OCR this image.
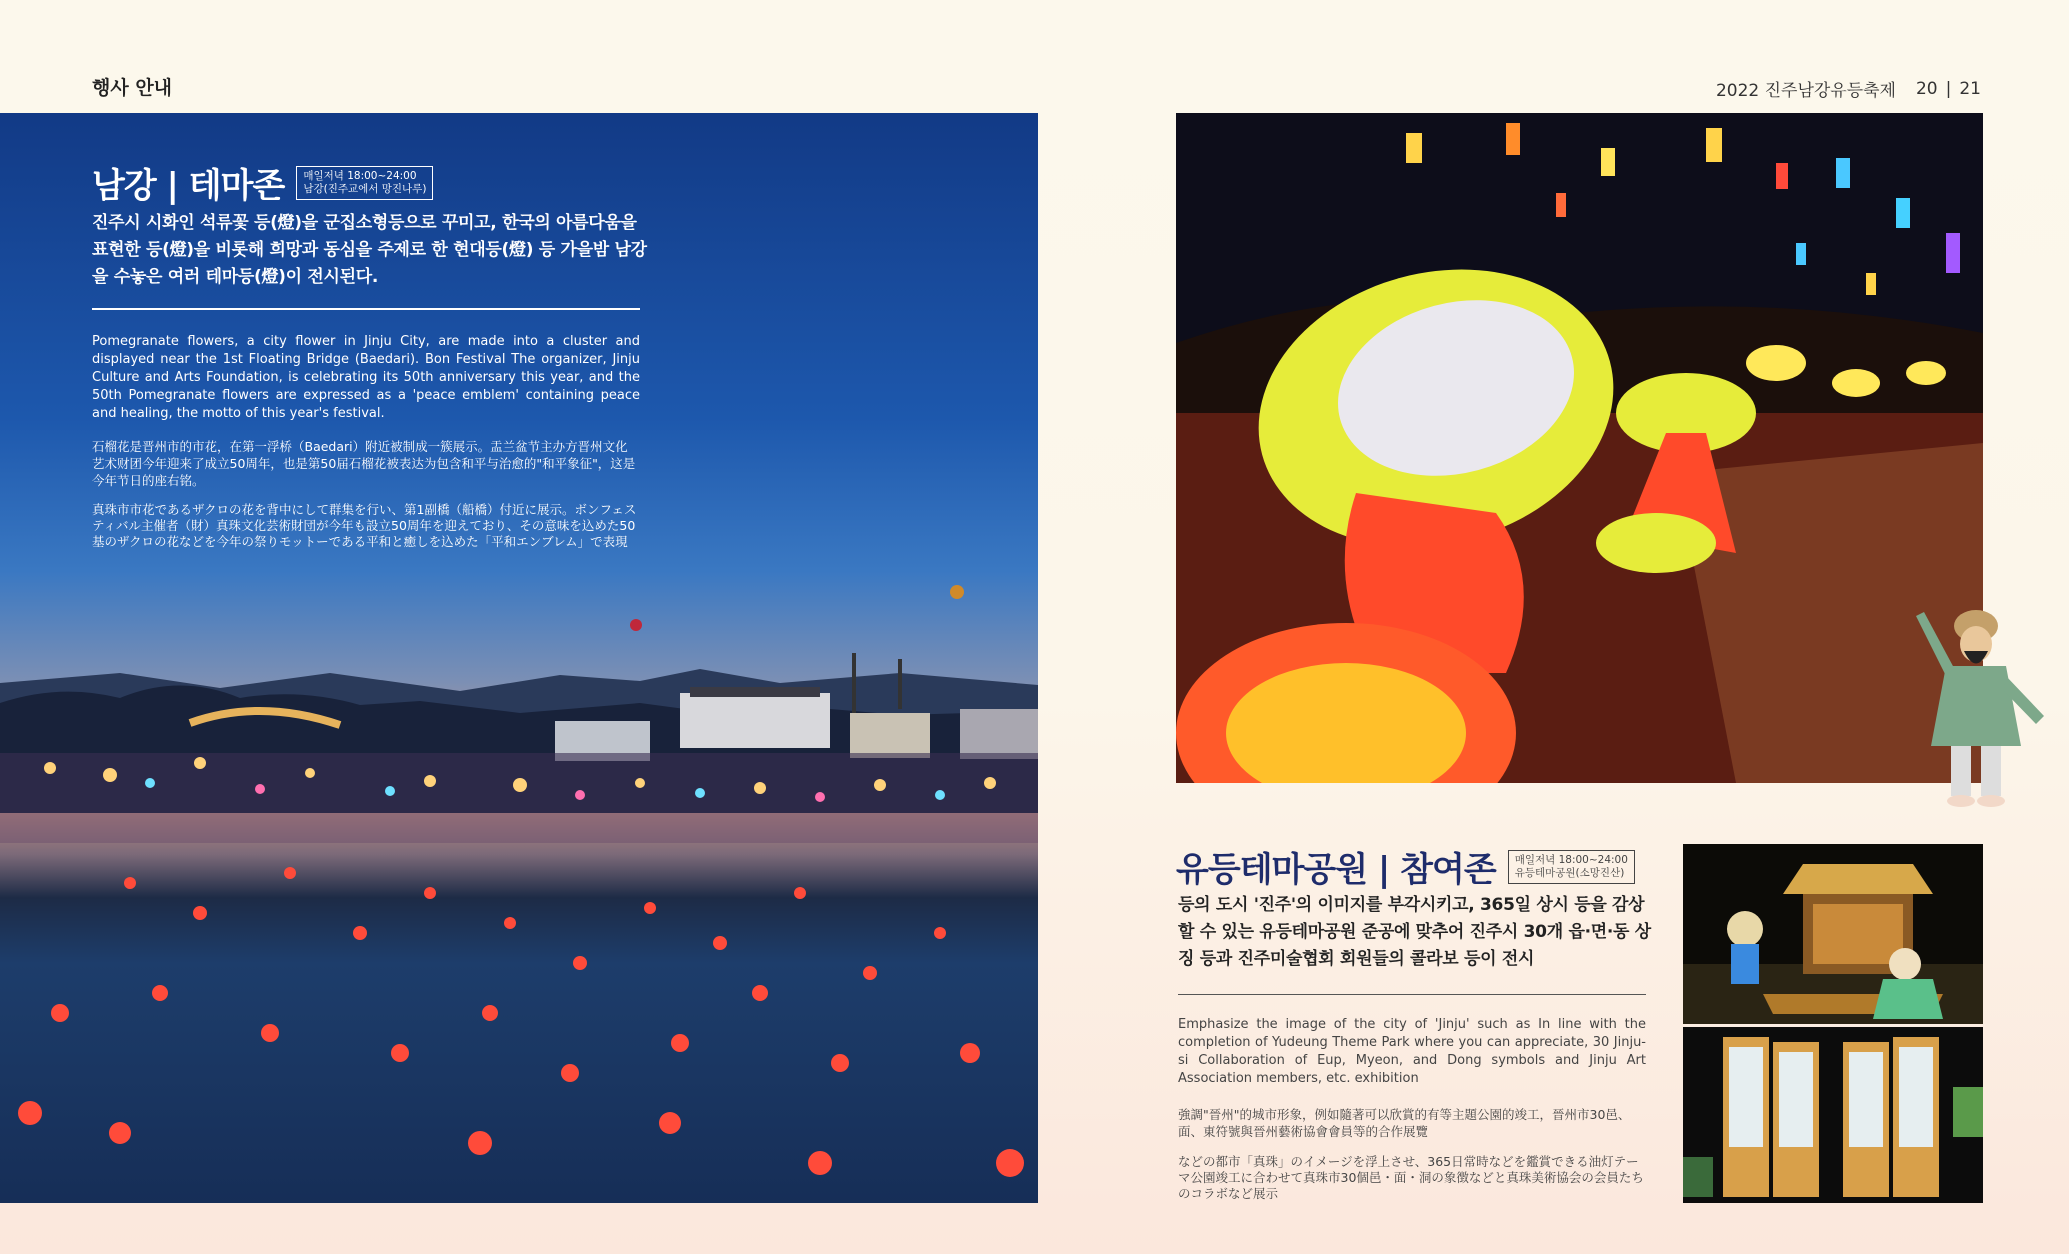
행사 안내	2022 진주남강유등축제 20 | 21
남강 | 테마존 매일저녁 18:00~24:00
남강(진주교에서 망진나루)
진주시 시화인 석류꽃 등(燈)을 군집소형등으로 꾸미고, 한국의 아름다움을 표현한 등(燈)을 비롯해 희망과 동심을 주제로 한 현대등(燈) 등 가을밤 남강을 수놓은 여러 테마등(燈)이 전시된다.
Pomegranate flowers, a city flower in Jinju City, are made into a cluster and displayed near the 1st Floating Bridge (Baedari). Bon Festival The organizer, Jinju Culture and Arts Foundation, is celebrating its 50th anniversary this year, and the 50th Pomegranate flowers are expressed as a 'peace emblem' containing peace and healing, the motto of this year's festival.
石榴花是晋州市的市花，在第一浮桥（Baedari）附近被制成一簇展示。盂兰盆节主办方晋州文化艺术财团今年迎来了成立50周年，也是第50届石榴花被表达为包含和平与治愈的"和平象征"，这是今年节日的座右铭。
真珠市市花であるザクロの花を背中にして群集を行い、第1副橋（船橋）付近に展示。ボンフェスティバル主催者（財）真珠文化芸術財団が今年も設立50周年を迎えており、その意味を込めた50基のザクロの花などを今年の祭りモットーである平和と癒しを込めた「平和エンブレム」で表現
유등테마공원 | 참여존 매일저녁 18:00~24:00
유등테마공원(소망진산)
등의 도시 '진주'의 이미지를 부각시키고, 365일 상시 등을 감상할 수 있는 유등테마공원 준공에 맞추어 진주시 30개 읍·면·동 상징 등과 진주미술협회 회원들의 콜라보 등이 전시
Emphasize the image of the city of 'Jinju' such as In line with the completion of Yudeung Theme Park where you can appreciate, 30 Jinju-si Collaboration of Eup, Myeon, and Dong symbols and Jinju Art Association members, etc. exhibition
強調"晉州"的城市形象，例如隨著可以欣賞的有等主題公園的竣工，晉州市30邑、面、東符號與晉州藝術協會會員等的合作展覽
などの都市「真珠」のイメージを浮上させ、365日常時などを鑑賞できる油灯テーマ公園竣工に合わせて真珠市30個邑・面・洞の象徴などと真珠美術協会の会員たちのコラボなど展示
